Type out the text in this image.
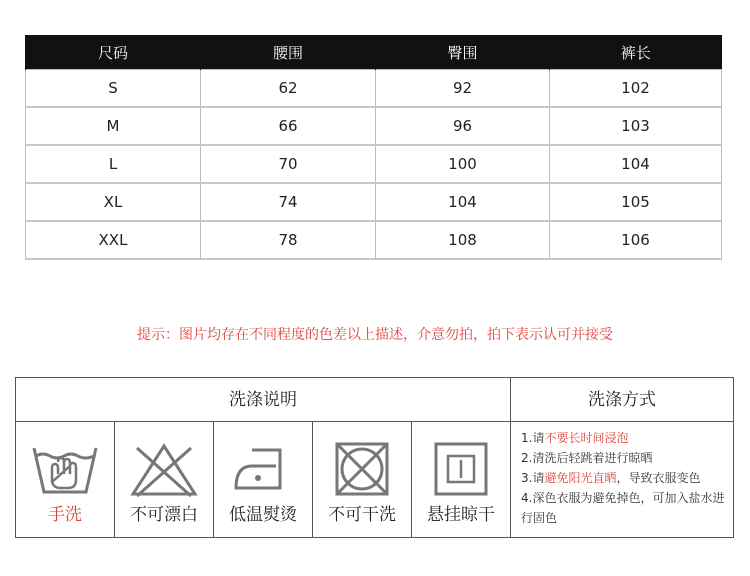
尺码	腰围	臀围	裤长
S	62	92	102
M	66	96	103
L	70	100	104
XL	74	104	105
XXL	78	108	106
提示：图片均存在不同程度的色差以上描述，介意勿拍，拍下表示认可并接受
洗涤说明	洗涤方式
手洗	不可漂白	低温熨烫	不可干洗	悬挂晾干
1.请不要长时间浸泡
2.清洗后轻跳着进行晾晒
3.请避免阳光直晒，导致衣服变色
4.深色衣服为避免掉色，可加入盐水进行固色
